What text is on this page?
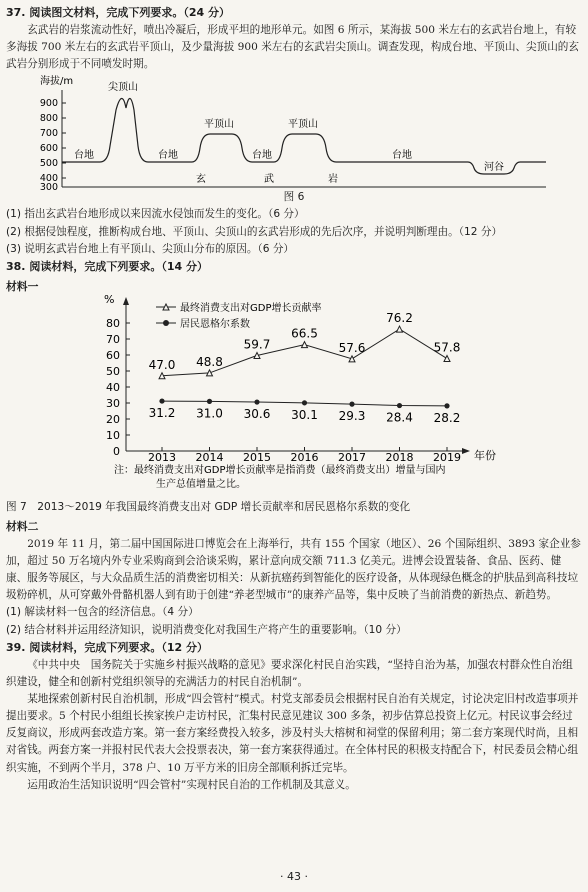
37. 阅读图文材料，完成下列要求。（24 分）
玄武岩的岩浆流动性好，喷出冷凝后，形成平坦的地形单元。如图 6 所示，某海拔 500 米左右的玄武岩台地上，有较多海拔 700 米左右的玄武岩平顶山，及少量海拔 900 米左右的玄武岩尖顶山。调查发现，构成台地、平顶山、尖顶山的玄武岩分别形成于不同喷发时期。
海拔/m
900
800
700
600
500
400
300
尖顶山
平顶山	平顶山
台地	台地	台地	台地
河谷
玄	武	岩
图 6
(1) 指出玄武岩台地形成以来因流水侵蚀而发生的变化。（6 分）
(2) 根据侵蚀程度，推断构成台地、平顶山、尖顶山的玄武岩形成的先后次序，并说明判断理由。（12 分）
(3) 说明玄武岩台地上有平顶山、尖顶山分布的原因。（6 分）
38. 阅读材料，完成下列要求。（14 分）
材料一
%
0
10
20
30
40
50
60
70
80
2013 2014 2015 2016 2017 2018 2019 年份
最终消费支出对GDP增长贡献率
居民恩格尔系数
47.0 48.8
59.7
66.5
57.6
76.2
57.8
31.2 31.0 30.6 30.1 29.3 28.4 28.2
注：最终消费支出对GDP增长贡献率是指消费（最终消费支出）增量与国内
生产总值增量之比。
图 7　2013～2019 年我国最终消费支出对 GDP 增长贡献率和居民恩格尔系数的变化
材料二
2019 年 11 月，第二届中国国际进口博览会在上海举行，共有 155 个国家（地区）、26 个国际组织、3893 家企业参加，超过 50 万名境内外专业采购商到会洽谈采购，累计意向成交额 711.3 亿美元。进博会设置装备、食品、医药、健康、服务等展区，与大众品质生活的消费密切相关：从新抗癌药到智能化的医疗设备，从体现绿色概念的护肤品到高科技垃圾粉碎机，从可穿戴外骨骼机器人到有助于创建“养老型城市”的康养产品等，集中反映了当前消费的新热点、新趋势。
(1) 解读材料一包含的经济信息。（4 分）
(2) 结合材料并运用经济知识，说明消费变化对我国生产将产生的重要影响。（10 分）
39. 阅读材料，完成下列要求。（12 分）
《中共中央　国务院关于实施乡村振兴战略的意见》要求深化村民自治实践，“坚持自治为基，加强农村群众性自治组织建设，健全和创新村党组织领导的充满活力的村民自治机制”。
某地探索创新村民自治机制，形成“四会管村”模式。村党支部委员会根据村民自治有关规定，讨论决定旧村改造事项并提出要求。5 个村民小组组长挨家挨户走访村民，汇集村民意见建议 300 多条，初步估算总投资上亿元。村民议事会经过反复商议，形成两套改造方案。第一套方案经费投入较多，涉及村头大榕树和祠堂的保留利用；第二套方案现代时尚，且相对省钱。两套方案一并报村民代表大会投票表决，第一套方案获得通过。在全体村民的积极支持配合下，村民委员会精心组织实施，不到两个半月，378 户、10 万平方米的旧房全部顺利拆迁完毕。
运用政治生活知识说明“四会管村”实现村民自治的工作机制及其意义。
· 43 ·
